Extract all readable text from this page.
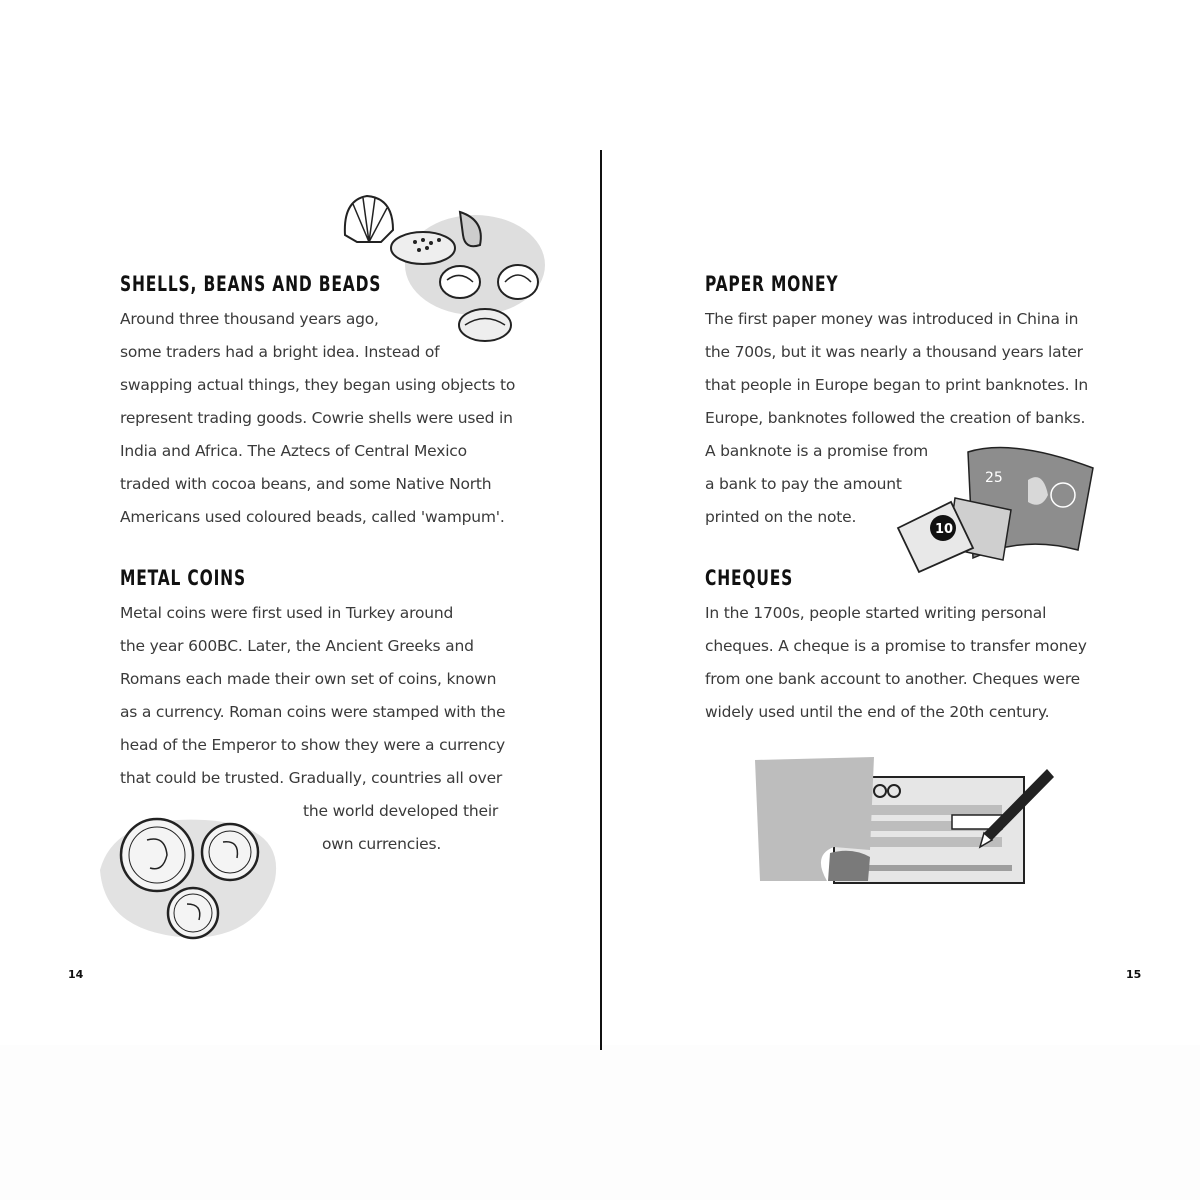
SHELLS, BEANS AND BEADS

Around three thousand years ago,

some traders had a bright idea. Instead of

swapping actual things, they began using objects to

represent trading goods. Cowrie shells were used in

India and Africa. The Aztecs of Central Mexico

traded with cocoa beans, and some Native North

Americans used coloured beads, called 'wampum'.

METAL COINS

Metal coins were first used in Turkey around

the year 600BC. Later, the Ancient Greeks and

Romans each made their own set of coins, known

as a currency. Roman coins were stamped with the

head of the Emperor to show they were a currency

that could be trusted. Gradually, countries all over

the world developed their

own currencies.

14
PAPER MONEY

The first paper money was introduced in China in

the 700s, but it was nearly a thousand years later

that people in Europe began to print banknotes. In

Europe, banknotes followed the creation of banks.

A banknote is a promise from

a bank to pay the amount

printed on the note.

CHEQUES

In the 1700s, people started writing personal

cheques. A cheque is a promise to transfer money

from one bank account to another. Cheques were

widely used until the end of the 20th century.

15
25
10
